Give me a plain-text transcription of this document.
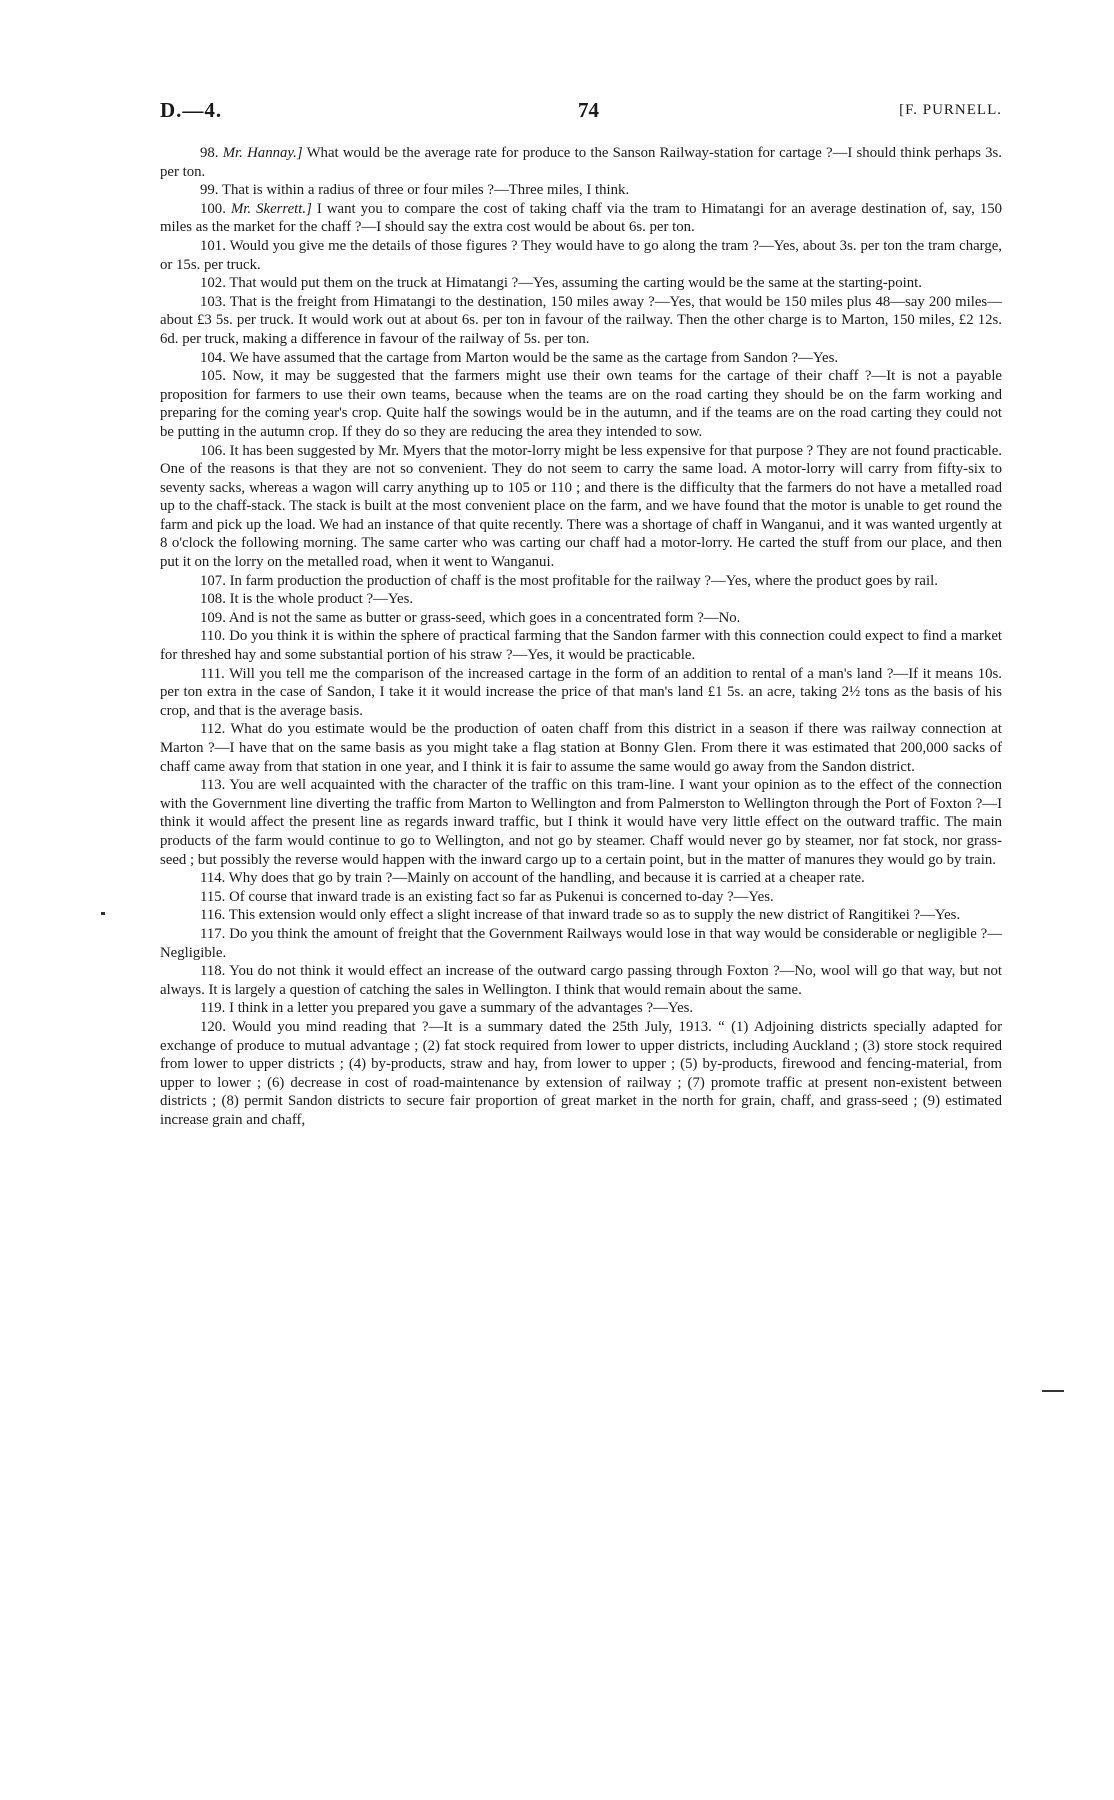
D.—4.	74	[F. PURNELL.

98. Mr. Hannay.] What would be the average rate for produce to the Sanson Railway-station for cartage ?—I should think perhaps 3s. per ton.

99. That is within a radius of three or four miles ?—Three miles, I think.

100. Mr. Skerrett.] I want you to compare the cost of taking chaff via the tram to Himatangi for an average destination of, say, 150 miles as the market for the chaff ?—I should say the extra cost would be about 6s. per ton.

101. Would you give me the details of those figures ? They would have to go along the tram ?—Yes, about 3s. per ton the tram charge, or 15s. per truck.

102. That would put them on the truck at Himatangi ?—Yes, assuming the carting would be the same at the starting-point.

103. That is the freight from Himatangi to the destination, 150 miles away ?—Yes, that would be 150 miles plus 48—say 200 miles—about £3 5s. per truck. It would work out at about 6s. per ton in favour of the railway. Then the other charge is to Marton, 150 miles, £2 12s. 6d. per truck, making a difference in favour of the railway of 5s. per ton.

104. We have assumed that the cartage from Marton would be the same as the cartage from Sandon ?—Yes.

105. Now, it may be suggested that the farmers might use their own teams for the cartage of their chaff ?—It is not a payable proposition for farmers to use their own teams, because when the teams are on the road carting they should be on the farm working and preparing for the coming year's crop. Quite half the sowings would be in the autumn, and if the teams are on the road carting they could not be putting in the autumn crop. If they do so they are reducing the area they intended to sow.

106. It has been suggested by Mr. Myers that the motor-lorry might be less expensive for that purpose ? They are not found practicable. One of the reasons is that they are not so convenient. They do not seem to carry the same load. A motor-lorry will carry from fifty-six to seventy sacks, whereas a wagon will carry anything up to 105 or 110 ; and there is the difficulty that the farmers do not have a metalled road up to the chaff-stack. The stack is built at the most convenient place on the farm, and we have found that the motor is unable to get round the farm and pick up the load. We had an instance of that quite recently. There was a shortage of chaff in Wanganui, and it was wanted urgently at 8 o'clock the following morning. The same carter who was carting our chaff had a motor-lorry. He carted the stuff from our place, and then put it on the lorry on the metalled road, when it went to Wanganui.

107. In farm production the production of chaff is the most profitable for the railway ?—Yes, where the product goes by rail.

108. It is the whole product ?—Yes.

109. And is not the same as butter or grass-seed, which goes in a concentrated form ?—No.

110. Do you think it is within the sphere of practical farming that the Sandon farmer with this connection could expect to find a market for threshed hay and some substantial portion of his straw ?—Yes, it would be practicable.

111. Will you tell me the comparison of the increased cartage in the form of an addition to rental of a man's land ?—If it means 10s. per ton extra in the case of Sandon, I take it it would increase the price of that man's land £1 5s. an acre, taking 2½ tons as the basis of his crop, and that is the average basis.

112. What do you estimate would be the production of oaten chaff from this district in a season if there was railway connection at Marton ?—I have that on the same basis as you might take a flag station at Bonny Glen. From there it was estimated that 200,000 sacks of chaff came away from that station in one year, and I think it is fair to assume the same would go away from the Sandon district.

113. You are well acquainted with the character of the traffic on this tram-line. I want your opinion as to the effect of the connection with the Government line diverting the traffic from Marton to Wellington and from Palmerston to Wellington through the Port of Foxton ?—I think it would affect the present line as regards inward traffic, but I think it would have very little effect on the outward traffic. The main products of the farm would continue to go to Wellington, and not go by steamer. Chaff would never go by steamer, nor fat stock, nor grass-seed ; but possibly the reverse would happen with the inward cargo up to a certain point, but in the matter of manures they would go by train.

114. Why does that go by train ?—Mainly on account of the handling, and because it is carried at a cheaper rate.

115. Of course that inward trade is an existing fact so far as Pukenui is concerned to-day ?—Yes.

116. This extension would only effect a slight increase of that inward trade so as to supply the new district of Rangitikei ?—Yes.

117. Do you think the amount of freight that the Government Railways would lose in that way would be considerable or negligible ?—Negligible.

118. You do not think it would effect an increase of the outward cargo passing through Foxton ?—No, wool will go that way, but not always. It is largely a question of catching the sales in Wellington. I think that would remain about the same.

119. I think in a letter you prepared you gave a summary of the advantages ?—Yes.

120. Would you mind reading that ?—It is a summary dated the 25th July, 1913. “ (1) Adjoining districts specially adapted for exchange of produce to mutual advantage ; (2) fat stock required from lower to upper districts, including Auckland ; (3) store stock required from lower to upper districts ; (4) by-products, straw and hay, from lower to upper ; (5) by-products, firewood and fencing-material, from upper to lower ; (6) decrease in cost of road-maintenance by extension of railway ; (7) promote traffic at present non-existent between districts ; (8) permit Sandon districts to secure fair proportion of great market in the north for grain, chaff, and grass-seed ; (9) estimated increase grain and chaff,
